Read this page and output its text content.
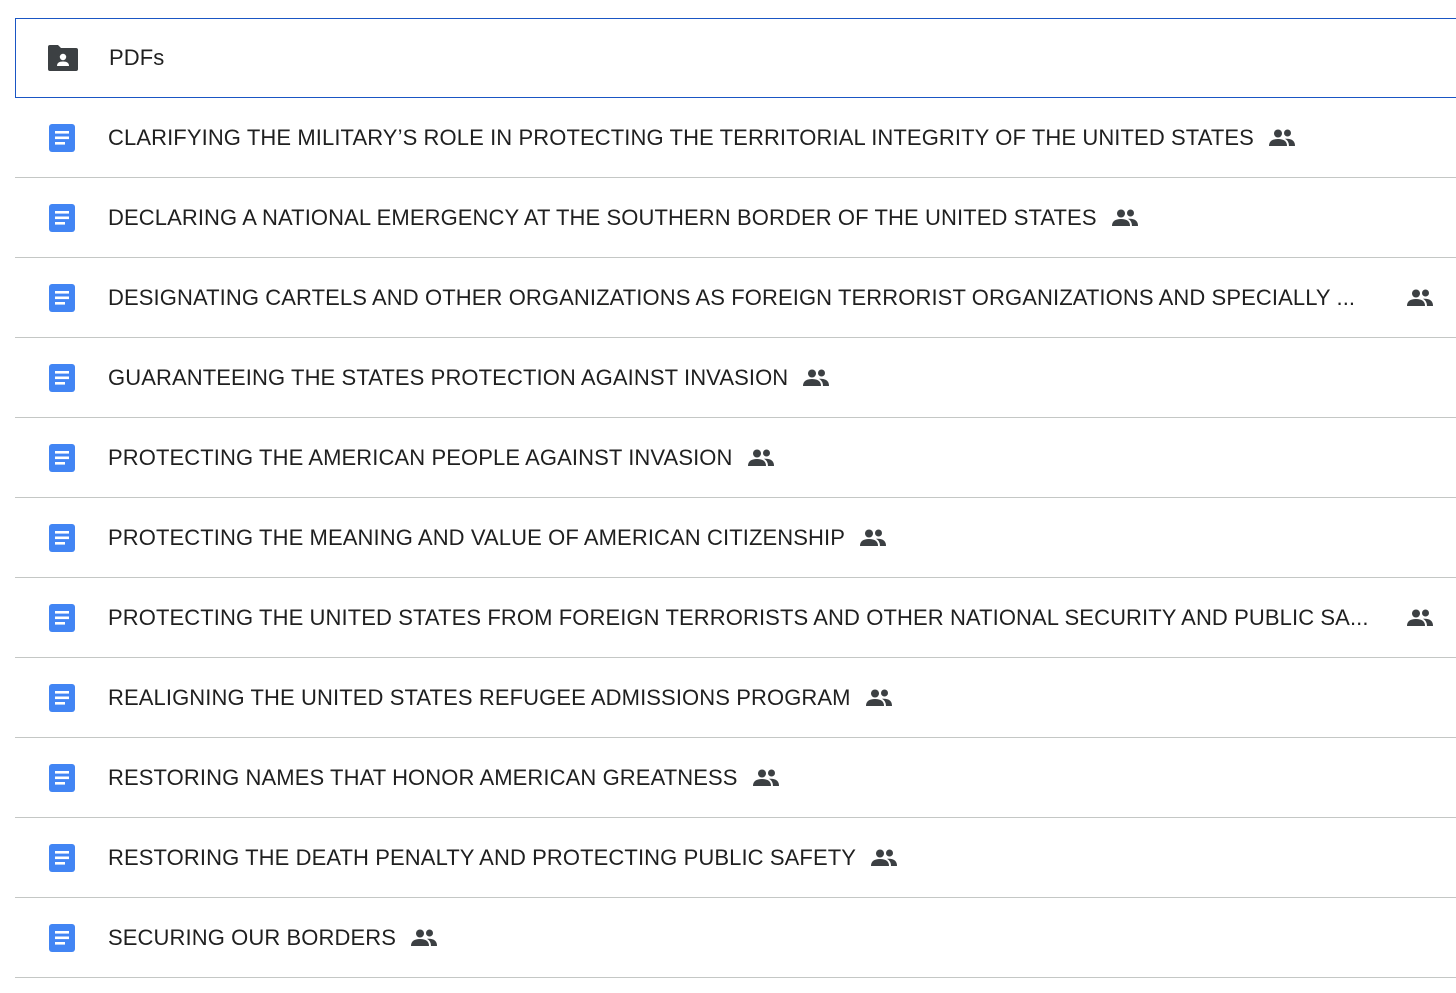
PDFs
CLARIFYING THE MILITARY’S ROLE IN PROTECTING THE TERRITORIAL INTEGRITY OF THE UNITED STATES
DECLARING A NATIONAL EMERGENCY AT THE SOUTHERN BORDER OF THE UNITED STATES
DESIGNATING CARTELS AND OTHER ORGANIZATIONS AS FOREIGN TERRORIST ORGANIZATIONS AND SPECIALLY ...
GUARANTEEING THE STATES PROTECTION AGAINST INVASION
PROTECTING THE AMERICAN PEOPLE AGAINST INVASION
PROTECTING THE MEANING AND VALUE OF AMERICAN CITIZENSHIP
PROTECTING THE UNITED STATES FROM FOREIGN TERRORISTS AND OTHER NATIONAL SECURITY AND PUBLIC SA...
REALIGNING THE UNITED STATES REFUGEE ADMISSIONS PROGRAM
RESTORING NAMES THAT HONOR AMERICAN GREATNESS
RESTORING THE DEATH PENALTY AND PROTECTING PUBLIC SAFETY
SECURING OUR BORDERS
